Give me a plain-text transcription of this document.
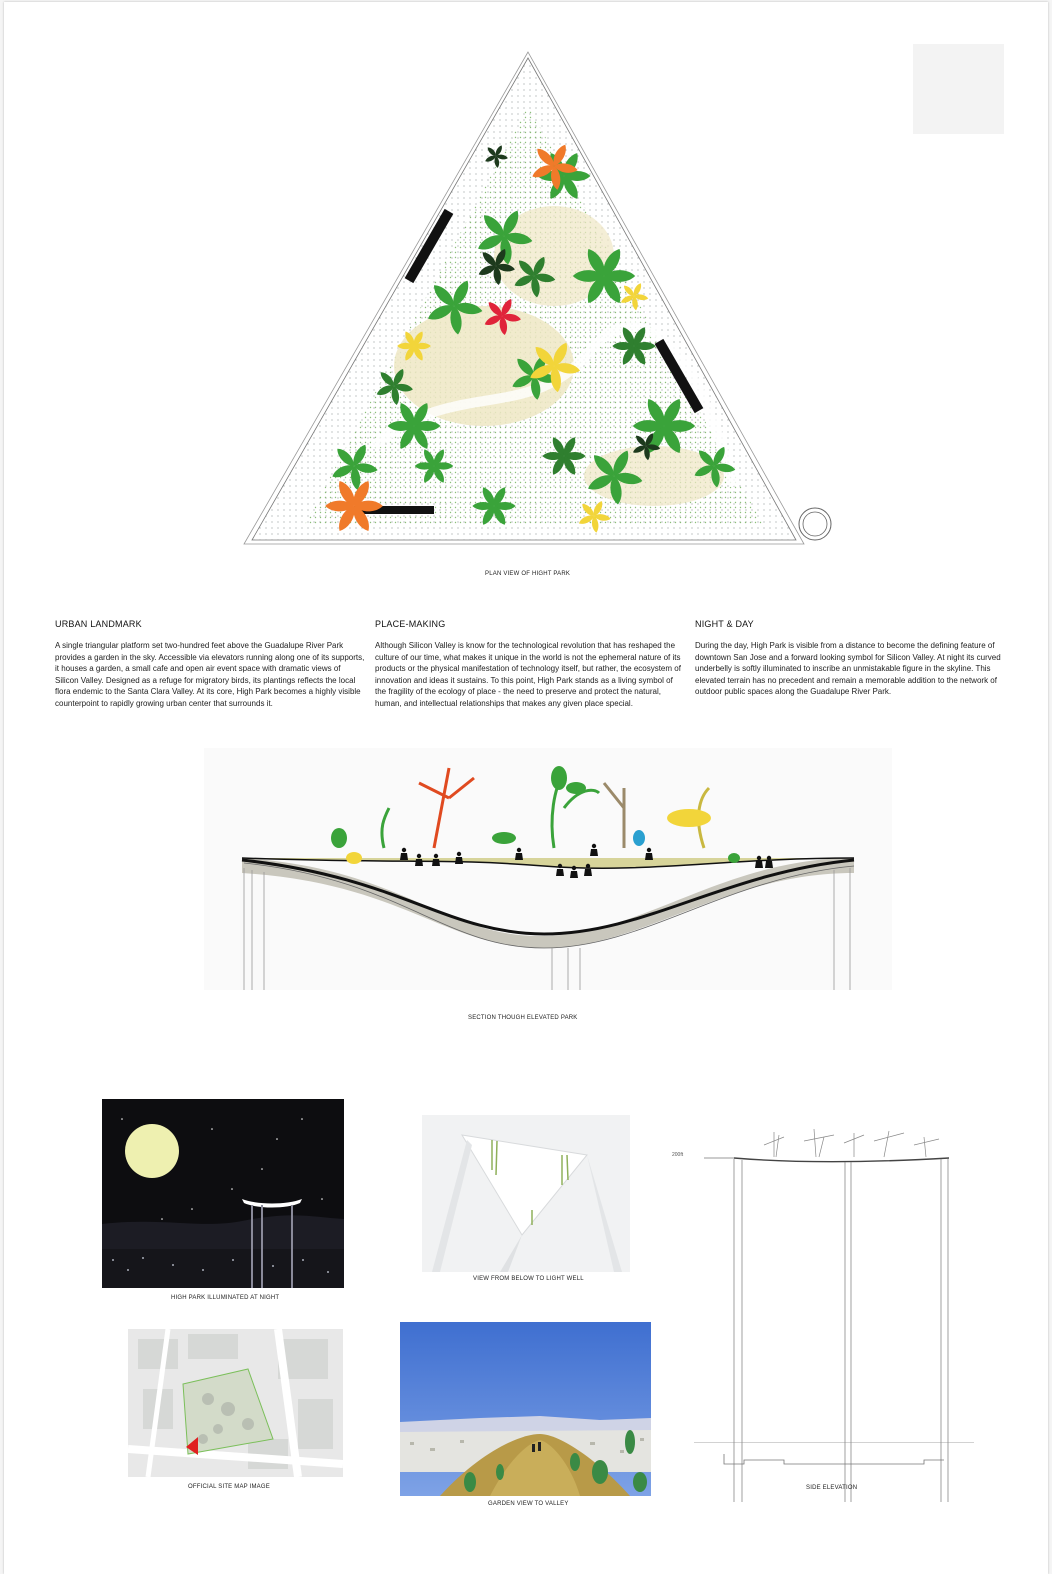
PLAN VIEW OF HIGHT PARK
URBAN LANDMARK
A single triangular platform set two-hundred feet above the Guadalupe River Park provides a garden in the sky. Accessible via elevators running along one of its supports, it houses a garden, a small cafe and open air event space with dramatic views of Silicon Valley. Designed as a refuge for migratory birds, its plantings reflects the local flora endemic to the Santa Clara Valley. At its core, High Park becomes a highly visible counterpoint to rapidly growing urban center that surrounds it.
PLACE-MAKING
Although Silicon Valley is know for the technological revolution that has reshaped the culture of our time, what makes it unique in the world is not the ephemeral nature of its products or the physical manifestation of technology itself, but rather, the ecosystem of innovation and ideas it sustains. To this point, High Park stands as a living symbol of the fragility of the ecology of place - the need to preserve and protect the natural, human, and intellectual relationships that makes any given place special.
NIGHT & DAY
During the day, High Park is visible from a distance to become the defining feature of downtown San Jose and a forward looking symbol for Silicon Valley. At night its curved underbelly is softly illuminated to inscribe an unmistakable figure in the skyline. This elevated terrain has no precedent and remain a memorable addition to the network of outdoor public spaces along the Guadalupe River Park.
SECTION THOUGH ELEVATED PARK
HIGH PARK ILLUMINATED AT NIGHT
VIEW FROM BELOW TO LIGHT WELL
200ft
SIDE ELEVATION
OFFICIAL SITE MAP IMAGE
GARDEN VIEW TO VALLEY
